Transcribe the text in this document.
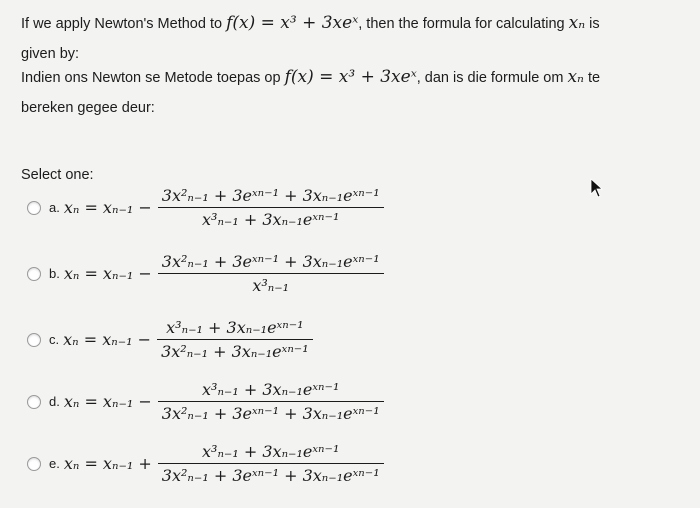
If we apply Newton's Method to f(x) = x³ + 3xeˣ, then the formula for calculating xₙ is
given by:
Indien ons Newton se Metode toepas op f(x) = x³ + 3xeˣ, dan is die formule om xₙ te
bereken gegee deur:
Select one:
a. $x_n = x_{n-1} - \frac{\text{3x²ₙ₋₁ + 3eˣⁿ⁻¹ + 3xₙ₋₁eˣⁿ⁻¹}}{\text{x³ₙ₋₁ + 3xₙ₋₁eˣⁿ⁻¹}}$
b. $x_n = x_{n-1} - \frac{\text{3x²ₙ₋₁ + 3eˣⁿ⁻¹ + 3xₙ₋₁eˣⁿ⁻¹}}{\text{x³ₙ₋₁}}$
c. $x_n = x_{n-1} - \frac{\text{x³ₙ₋₁ + 3xₙ₋₁eˣⁿ⁻¹}}{\text{3x²ₙ₋₁ + 3xₙ₋₁eˣⁿ⁻¹}}$
d. $x_n = x_{n-1} - \frac{\text{x³ₙ₋₁ + 3xₙ₋₁eˣⁿ⁻¹}}{\text{3x²ₙ₋₁ + 3eˣⁿ⁻¹ + 3xₙ₋₁eˣⁿ⁻¹}}$
e. $x_n = x_{n-1} + \frac{\text{x³ₙ₋₁ + 3xₙ₋₁eˣⁿ⁻¹}}{\text{3x²ₙ₋₁ + 3eˣⁿ⁻¹ + 3xₙ₋₁eˣⁿ⁻¹}}$
